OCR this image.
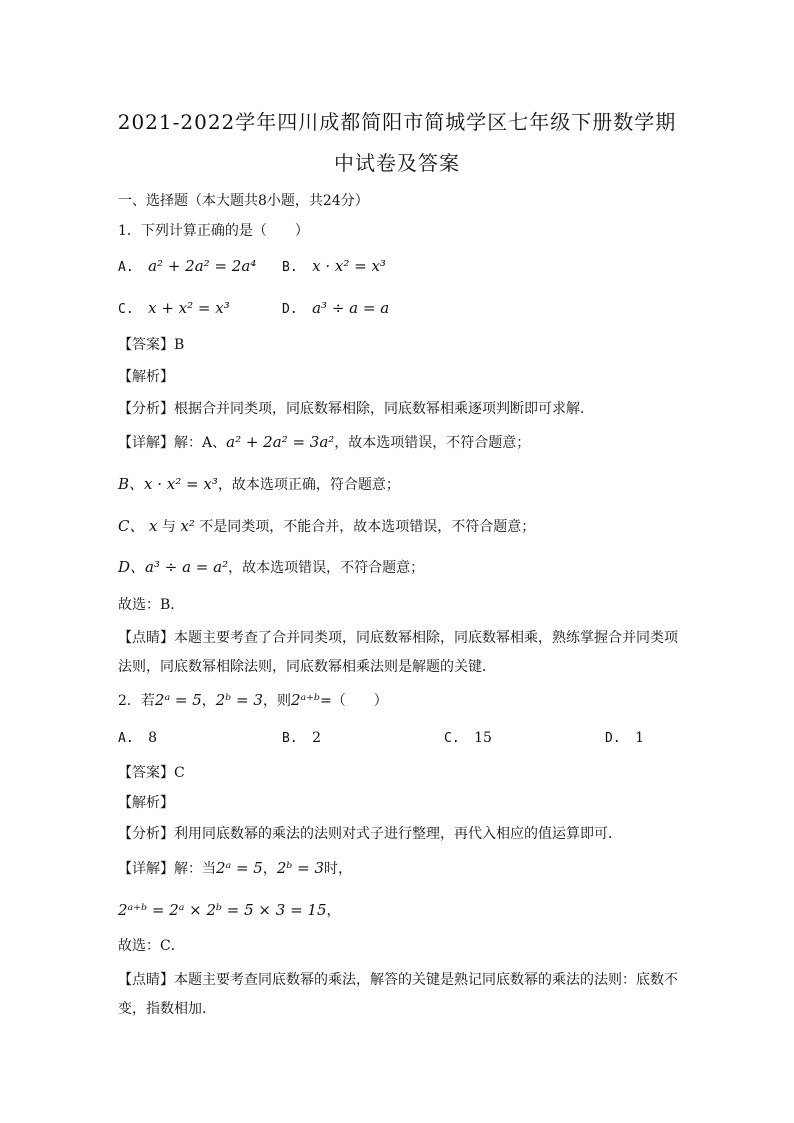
2021-2022学年四川成都简阳市简城学区七年级下册数学期
中试卷及答案
一、选择题（本大题共8小题，共24分）
1．下列计算正确的是（　　）
A. a² + 2a² = 2a⁴ B. x · x² = x³
C. x + x² = x³	D. a³ ÷ a = a
【答案】B
【解析】
【分析】根据合并同类项，同底数幂相除，同底数幂相乘逐项判断即可求解．
【详解】解：A、a² + 2a² = 3a²，故本选项错误，不符合题意；
B、x · x² = x³，故本选项正确，符合题意；
C、 x 与 x² 不是同类项，不能合并，故本选项错误，不符合题意；
D、a³ ÷ a = a²，故本选项错误，不符合题意；
故选：B．
【点睛】本题主要考查了合并同类项，同底数幂相除，同底数幂相乘，熟练掌握合并同类项
法则，同底数幂相除法则，同底数幂相乘法则是解题的关键．
2．若2ᵃ = 5，2ᵇ = 3，则2ᵃ⁺ᵇ=（　　）
A. 8	B. 2	C. 15	D. 1
【答案】C
【解析】
【分析】利用同底数幂的乘法的法则对式子进行整理，再代入相应的值运算即可．
【详解】解：当2ᵃ = 5，2ᵇ = 3时，
2ᵃ⁺ᵇ = 2ᵃ × 2ᵇ = 5 × 3 = 15，
故选：C．
【点睛】本题主要考查同底数幂的乘法，解答的关键是熟记同底数幂的乘法的法则：底数不
变，指数相加．
